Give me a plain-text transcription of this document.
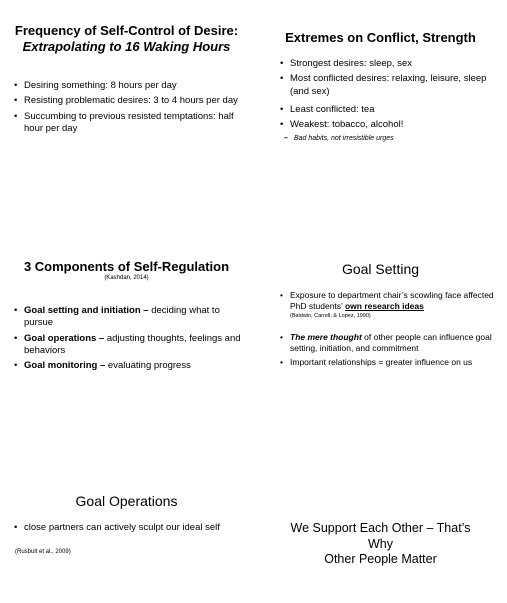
Frequency of Self-Control of Desire:
Extrapolating to 16 Waking Hours
• Desiring something: 8 hours per day
• Resisting problematic desires: 3 to 4 hours per day
• Succumbing to previous resisted temptations: half hour per day
Extremes on Conflict, Strength
• Strongest desires: sleep, sex
• Most conflicted desires: relaxing, leisure, sleep (and sex)
• Least conflicted: tea
• Weakest: tobacco, alcohol!
– Bad habits, not irresistible urges
3 Components of Self-Regulation
(Kashdan, 2014)
• Goal setting and initiation – deciding what to pursue
• Goal operations – adjusting thoughts, feelings and behaviors
• Goal monitoring – evaluating progress
Goal Setting
• Exposure to department chair’s scowling face affected PhD students’ own research ideas
(Baldwin, Carrell, & Lopez, 1990)
• The mere thought of other people can influence goal setting, initiation, and commitment
• Important relationships = greater influence on us
Goal Operations
• close partners can actively sculpt our ideal self
(Rusbult et al., 2009)
We Support Each Other – That’s
Why
Other People Matter
